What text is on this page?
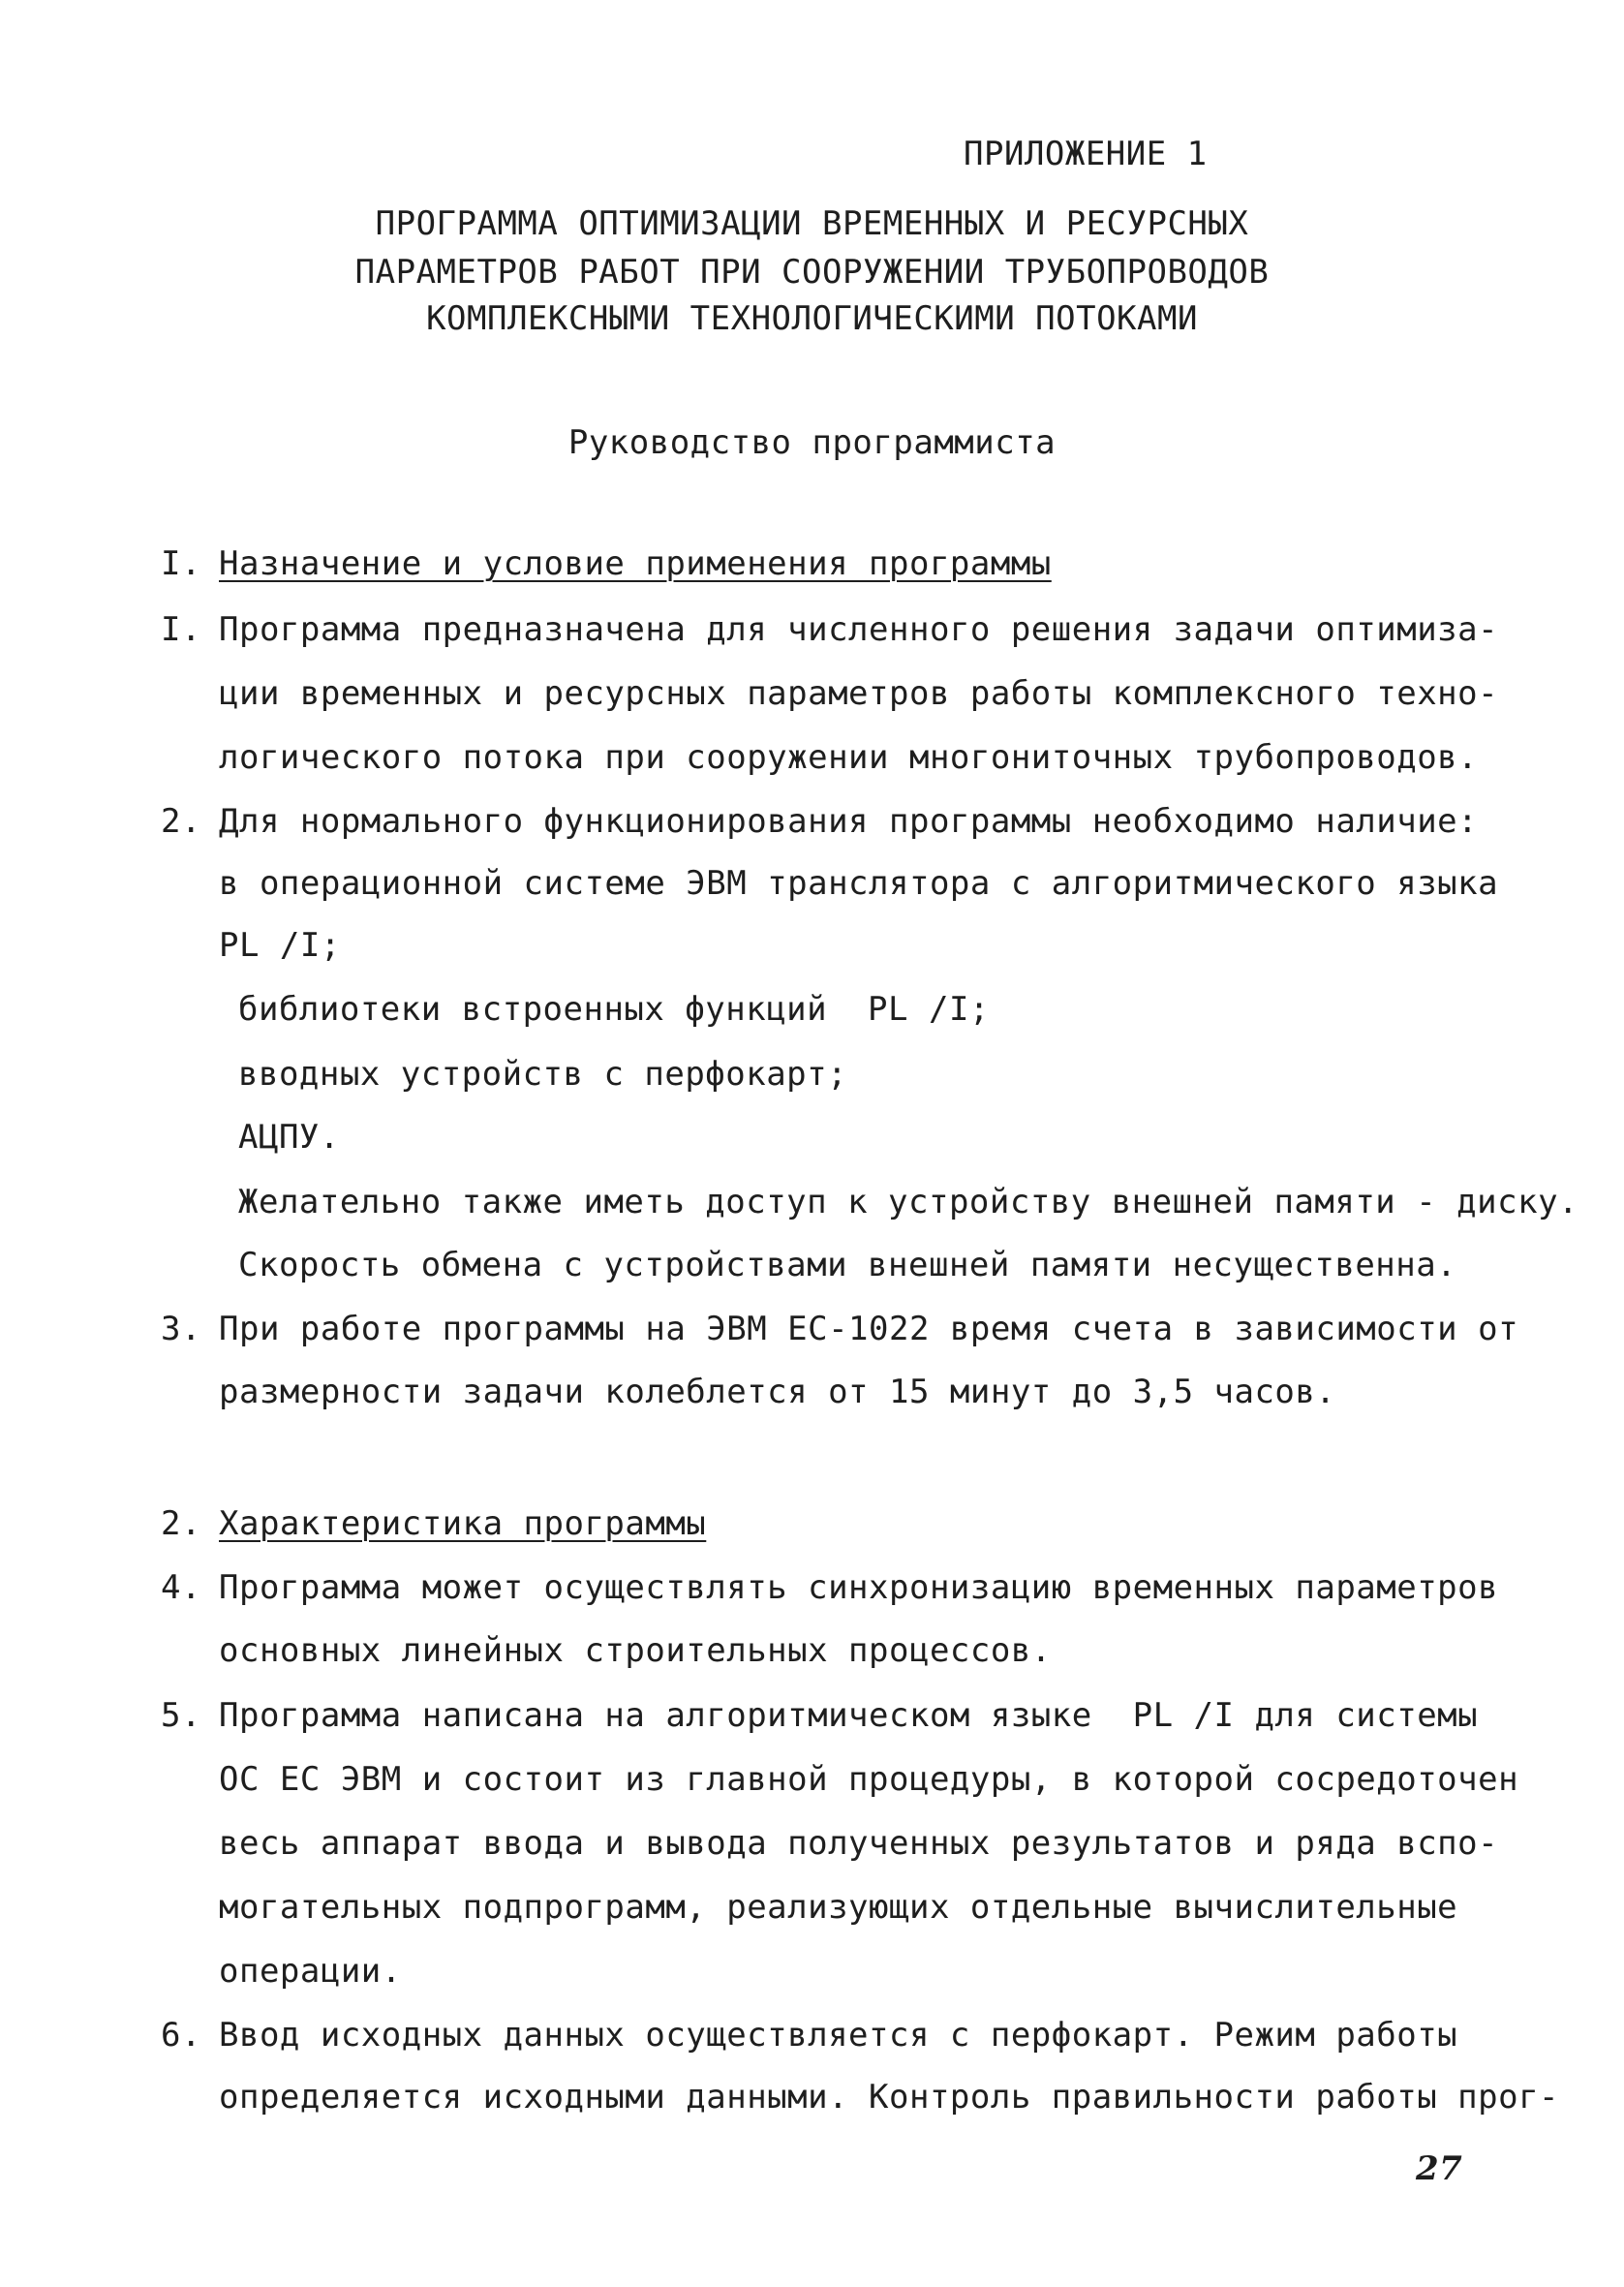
ПРИЛОЖЕНИЕ 1
ПРОГРАММА ОПТИМИЗАЦИИ ВРЕМЕННЫХ И РЕСУРСНЫХ
ПАРАМЕТРОВ РАБОТ ПРИ СООРУЖЕНИИ ТРУБОПРОВОДОВ
КОМПЛЕКСНЫМИ ТЕХНОЛОГИЧЕСКИМИ ПОТОКАМИ
Руководство программиста
I. Назначение и условие применения программы
I. Программа предназначена для численного решения задачи оптимиза-
ции временных и ресурсных параметров работы комплексного техно-
логического потока при сооружении многониточных трубопроводов.
2. Для нормального функционирования программы необходимо наличие:
в операционной системе ЭВМ транслятора с алгоритмического языка
PL /I;
библиотеки встроенных функций  PL /I;
вводных устройств с перфокарт;
АЦПУ.
Желательно также иметь доступ к устройству внешней памяти - диску.
Скорость обмена с устройствами внешней памяти несущественна.
3. При работе программы на ЭВМ ЕС-1022 время счета в зависимости от
размерности задачи колеблется от 15 минут до 3,5 часов.
2. Характеристика программы
4. Программа может осуществлять синхронизацию временных параметров
основных линейных строительных процессов.
5. Программа написана на алгоритмическом языке  PL /I для системы
ОС ЕС ЭВМ и состоит из главной процедуры, в которой сосредоточен
весь аппарат ввода и вывода полученных результатов и ряда вспо-
могательных подпрограмм, реализующих отдельные вычислительные
операции.
6. Ввод исходных данных осуществляется с перфокарт. Режим работы
определяется исходными данными. Контроль правильности работы прог-
27
